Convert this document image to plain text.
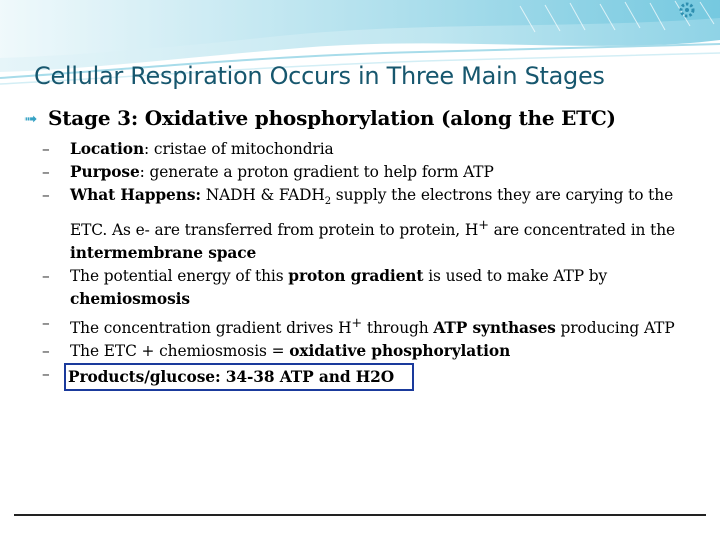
Cellular Respiration Occurs in Three Main Stages
➟ Stage 3: Oxidative phosphorylation (along the ETC)
– Location: cristae of mitochondria
– Purpose: generate a proton gradient to help form ATP
– What Happens: NADH & $FADH_2$ supply the electrons they are carying to the ETC. As e- are transferred from protein to protein, H+ are concentrated in the intermembrane space
– The potential energy of this proton gradient is used to make ATP by chemiosmosis
– The concentration gradient drives H+ through ATP synthases producing ATP
– The ETC + chemiosmosis = oxidative phosphorylation
– Products/glucose: 34-38 ATP and H2O
